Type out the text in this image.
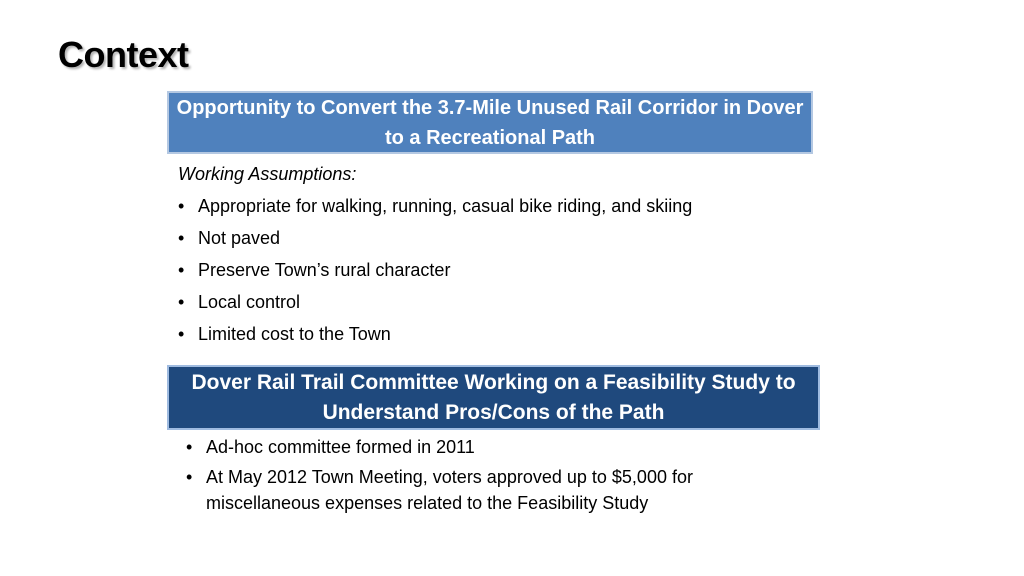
Context
Opportunity to Convert the 3.7-Mile Unused Rail Corridor in Dover to a Recreational Path
Working Assumptions:
• Appropriate for walking, running, casual bike riding, and skiing
• Not paved
• Preserve Town’s rural character
• Local control
• Limited cost to the Town
Dover Rail Trail Committee Working on a Feasibility Study to Understand Pros/Cons of the Path
• Ad-hoc committee formed in 2011
• At May 2012 Town Meeting, voters approved up to $5,000 for miscellaneous expenses related to the Feasibility Study
